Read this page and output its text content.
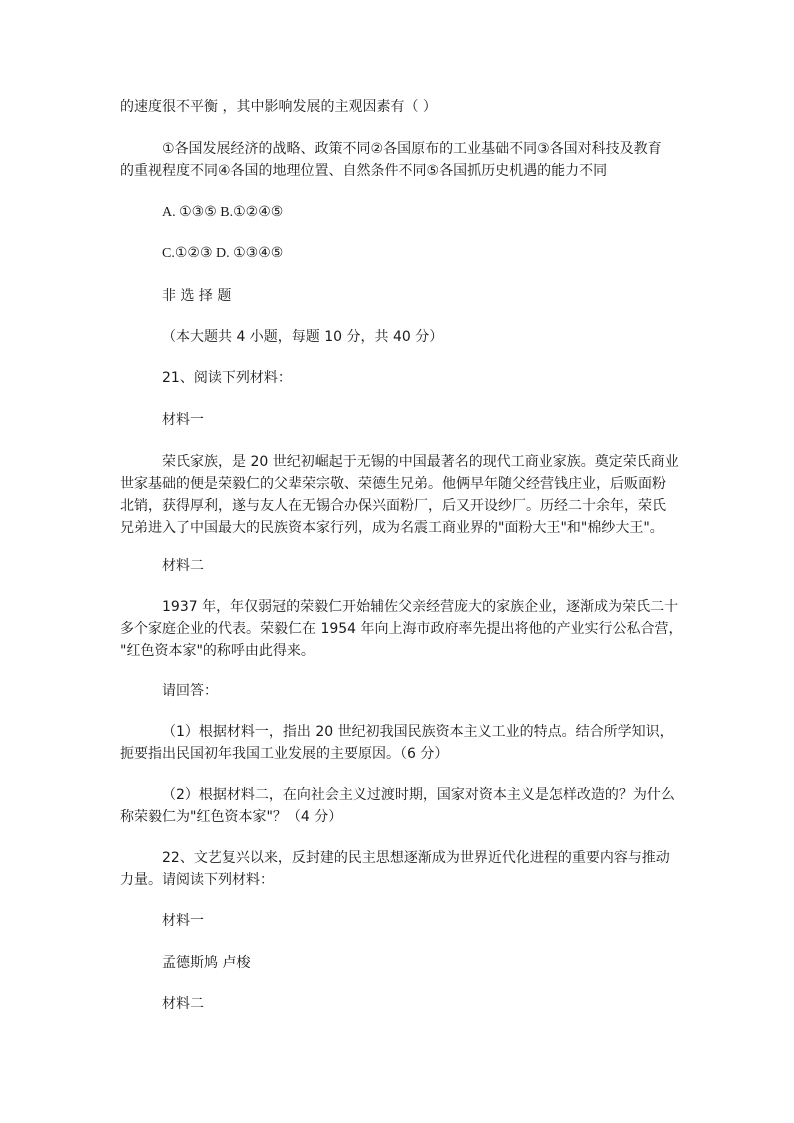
的速度很不平衡 ，其中影响发展的主观因素有（ ）

①各国发展经济的战略、政策不同②各国原布的工业基础不同③各国对科技及教育
的重视程度不同④各国的地理位置、自然条件不同⑤各国抓历史机遇的能力不同

A. ①③⑤ B.①②④⑤

C.①②③ D. ①③④⑤

非 选 择 题

（本大题共 4 小题，每题 10 分，共 40 分）

21、阅读下列材料：

材料一

荣氏家族，是 20 世纪初崛起于无锡的中国最著名的现代工商业家族。奠定荣氏商业
世家基础的便是荣毅仁的父辈荣宗敬、荣德生兄弟。他俩早年随父经营钱庄业，后贩面粉
北销，获得厚利，遂与友人在无锡合办保兴面粉厂，后又开设纱厂。历经二十余年，荣氏
兄弟进入了中国最大的民族资本家行列，成为名震工商业界的"面粉大王"和"棉纱大王"。

材料二

1937 年，年仅弱冠的荣毅仁开始辅佐父亲经营庞大的家族企业，逐渐成为荣氏二十
多个家庭企业的代表。荣毅仁在 1954 年向上海市政府率先提出将他的产业实行公私合营，
"红色资本家"的称呼由此得来。

请回答：

（1）根据材料一，指出 20 世纪初我国民族资本主义工业的特点。结合所学知识，
扼要指出民国初年我国工业发展的主要原因。（6 分）

（2）根据材料二，在向社会主义过渡时期，国家对资本主义是怎样改造的？为什么
称荣毅仁为"红色资本家"？（4 分）

22、文艺复兴以来，反封建的民主思想逐渐成为世界近代化进程的重要内容与推动
力量。请阅读下列材料：

材料一

孟德斯鸠 卢梭

材料二
